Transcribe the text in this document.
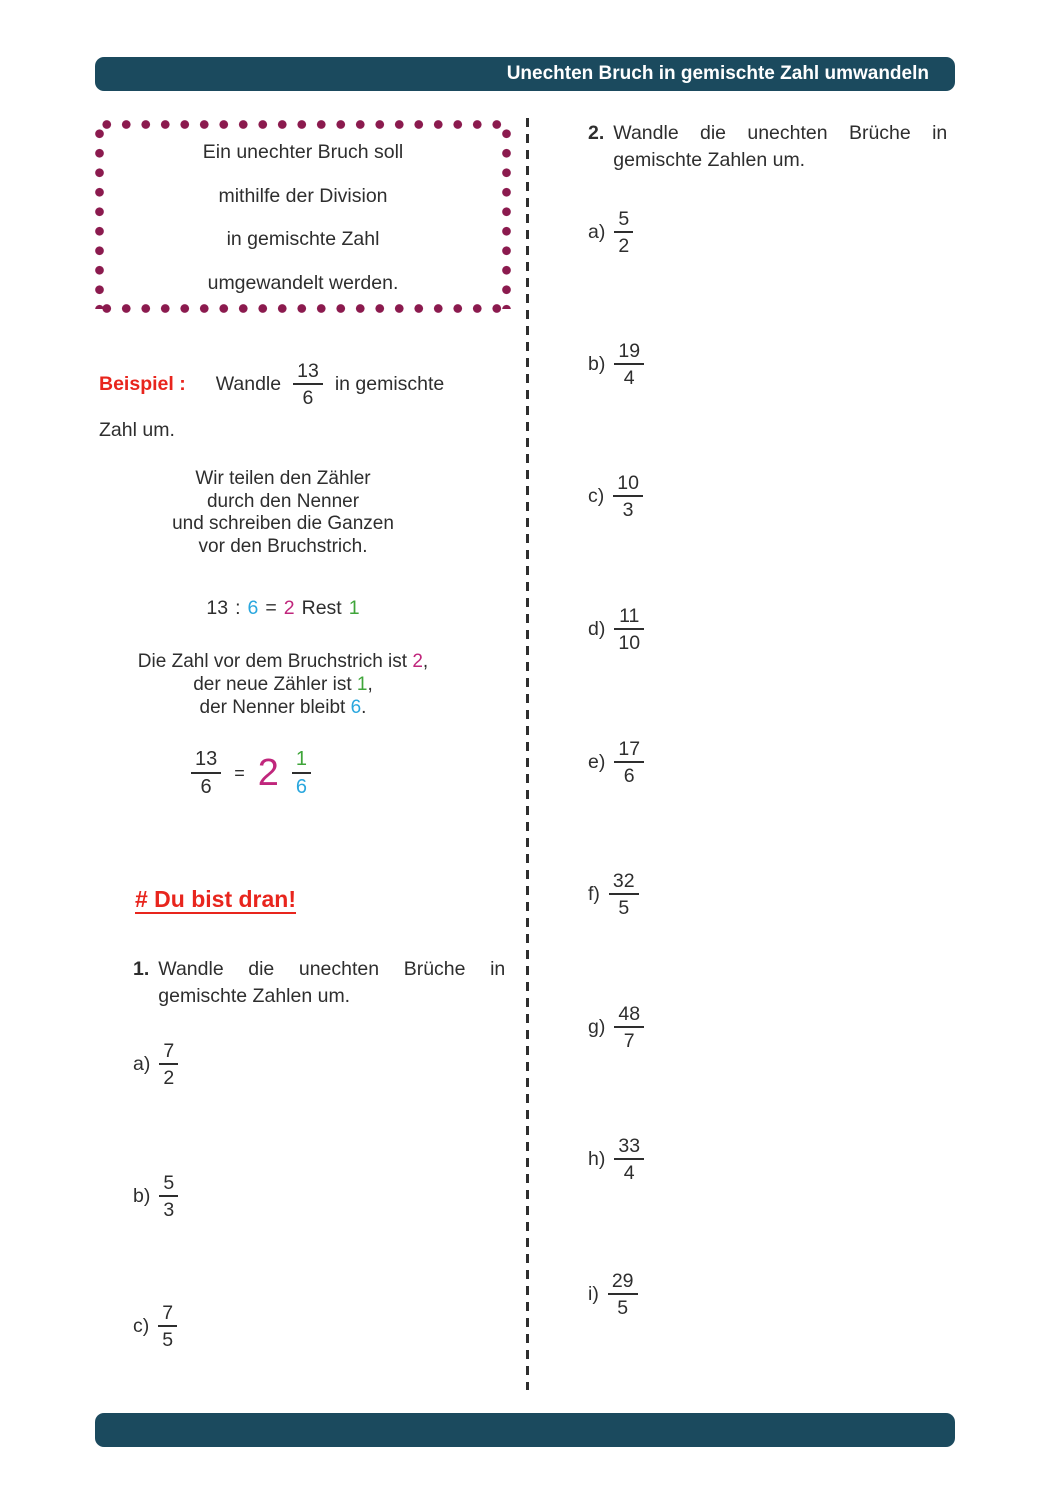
Unechten Bruch in gemischte Zahl umwandeln
Ein unechter Bruch soll
mithilfe der Division
in gemischte Zahl
umgewandelt werden.
Beispiel : Wandle $\frac{13}{6}$ in gemischte
Zahl um.
Wir teilen den Zähler
durch den Nenner
und schreiben die Ganzen
vor den Bruchstrich.
13 : 6 = 2 Rest 1
Die Zahl vor dem Bruchstrich ist 2,
der neue Zähler ist 1,
der Nenner bleibt 6.
$\frac{13}{6} = 2 \frac{1}{6}$
# Du bist dran!
1. Wandle die unechten Brüche in
gemischte Zahlen um.
$a) \frac{7}{2}$
$b) \frac{5}{3}$
$c) \frac{7}{5}$
2. Wandle die unechten Brüche in
gemischte Zahlen um.
$a) \frac{5}{2}$
$b) \frac{19}{4}$
$c) \frac{10}{3}$
$d) \frac{11}{10}$
$e) \frac{17}{6}$
$f) \frac{32}{5}$
$g) \frac{48}{7}$
$h) \frac{33}{4}$
$i) \frac{29}{5}$
